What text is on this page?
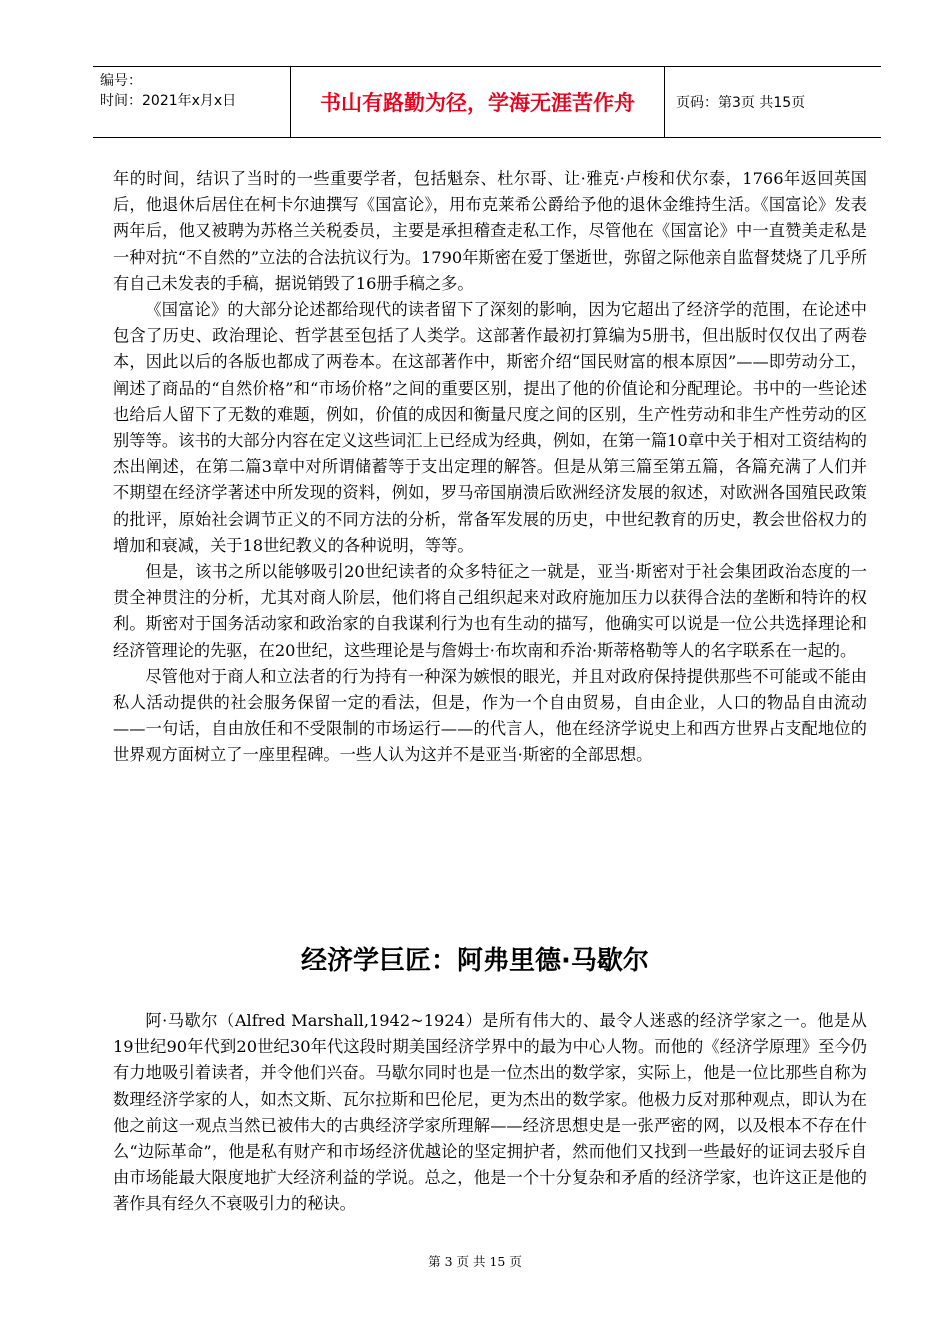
编号：
时间：2021年x月x日	书山有路勤为径，学海无涯苦作舟	页码：第3页 共15页

年的时间，结识了当时的一些重要学者，包括魁奈、杜尔哥、让·雅克·卢梭和伏尔泰，1766年返回英国后，他退休后居住在柯卡尔迪撰写《国富论》，用布克莱希公爵给予他的退休金维持生活。《国富论》发表两年后，他又被聘为苏格兰关税委员，主要是承担稽查走私工作，尽管他在《国富论》中一直赞美走私是一种对抗“不自然的”立法的合法抗议行为。1790年斯密在爱丁堡逝世，弥留之际他亲自监督焚烧了几乎所有自己未发表的手稿，据说销毁了16册手稿之多。

《国富论》的大部分论述都给现代的读者留下了深刻的影响，因为它超出了经济学的范围，在论述中包含了历史、政治理论、哲学甚至包括了人类学。这部著作最初打算编为5册书，但出版时仅仅出了两卷本，因此以后的各版也都成了两卷本。在这部著作中，斯密介绍“国民财富的根本原因”——即劳动分工，阐述了商品的“自然价格”和“市场价格”之间的重要区别，提出了他的价值论和分配理论。书中的一些论述也给后人留下了无数的难题，例如，价值的成因和衡量尺度之间的区别，生产性劳动和非生产性劳动的区别等等。该书的大部分内容在定义这些词汇上已经成为经典，例如，在第一篇10章中关于相对工资结构的杰出阐述，在第二篇3章中对所谓储蓄等于支出定理的解答。但是从第三篇至第五篇，各篇充满了人们并不期望在经济学著述中所发现的资料，例如，罗马帝国崩溃后欧洲经济发展的叙述，对欧洲各国殖民政策的批评，原始社会调节正义的不同方法的分析，常备军发展的历史，中世纪教育的历史，教会世俗权力的增加和衰减，关于18世纪教义的各种说明，等等。

但是，该书之所以能够吸引20世纪读者的众多特征之一就是，亚当·斯密对于社会集团政治态度的一贯全神贯注的分析，尤其对商人阶层，他们将自己组织起来对政府施加压力以获得合法的垄断和特许的权利。斯密对于国务活动家和政治家的自我谋利行为也有生动的描写，他确实可以说是一位公共选择理论和经济管理论的先驱，在20世纪，这些理论是与詹姆士·布坎南和乔治·斯蒂格勒等人的名字联系在一起的。

尽管他对于商人和立法者的行为持有一种深为嫉恨的眼光，并且对政府保持提供那些不可能或不能由私人活动提供的社会服务保留一定的看法，但是，作为一个自由贸易，自由企业，人口的物品自由流动——一句话，自由放任和不受限制的市场运行——的代言人，他在经济学说史上和西方世界占支配地位的世界观方面树立了一座里程碑。一些人认为这并不是亚当·斯密的全部思想。

经济学巨匠：阿弗里德·马歇尔

阿·马歇尔（Alfred Marshall,1942~1924）是所有伟大的、最令人迷惑的经济学家之一。他是从19世纪90年代到20世纪30年代这段时期美国经济学界中的最为中心人物。而他的《经济学原理》至今仍有力地吸引着读者，并令他们兴奋。马歇尔同时也是一位杰出的数学家，实际上，他是一位比那些自称为数理经济学家的人，如杰文斯、瓦尔拉斯和巴伦尼，更为杰出的数学家。他极力反对那种观点，即认为在他之前这一观点当然已被伟大的古典经济学家所理解——经济思想史是一张严密的网，以及根本不存在什么“边际革命”，他是私有财产和市场经济优越论的坚定拥护者，然而他们又找到一些最好的证词去驳斥自由市场能最大限度地扩大经济利益的学说。总之，他是一个十分复杂和矛盾的经济学家，也许这正是他的著作具有经久不衰吸引力的秘诀。

第 3 页 共 15 页
